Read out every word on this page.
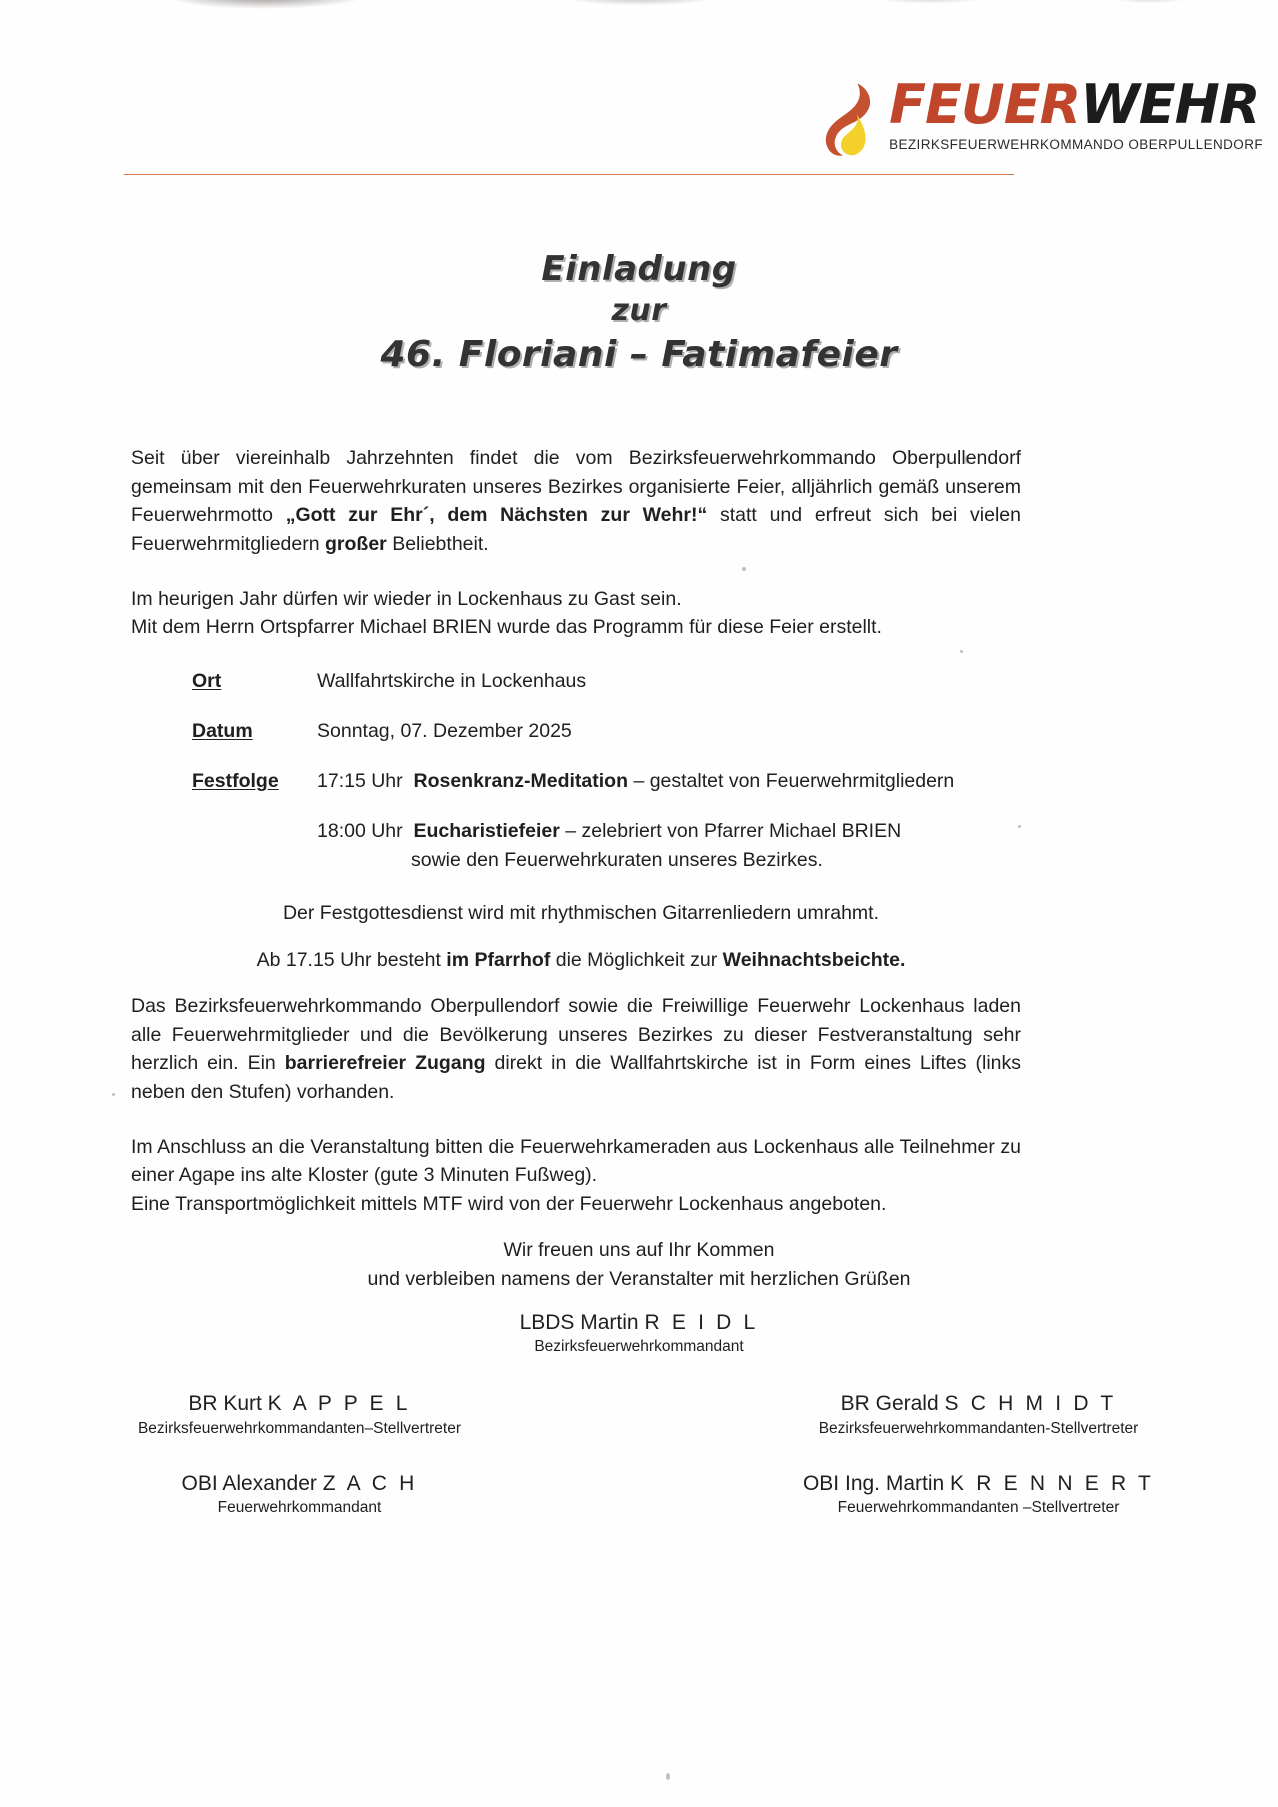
FEUERWEHR
BEZIRKSFEUERWEHRKOMMANDO OBERPULLENDORF
Einladung
zur
46. Floriani – Fatimafeier

Seit über viereinhalb Jahrzehnten findet die vom Bezirksfeuerwehrkommando Oberpullendorf gemeinsam mit den Feuerwehrkuraten unseres Bezirkes organisierte Feier, alljährlich gemäß unserem Feuerwehrmotto „Gott zur Ehr´, dem Nächsten zur Wehr!“ statt und erfreut sich bei vielen Feuerwehrmitgliedern großer Beliebtheit.

Im heurigen Jahr dürfen wir wieder in Lockenhaus zu Gast sein.
Mit dem Herrn Ortspfarrer Michael BRIEN wurde das Programm für diese Feier erstellt.

Ort	Wallfahrtskirche in Lockenhaus
Datum	Sonntag, 07. Dezember 2025
Festfolge	17:15 Uhr Rosenkranz-Meditation – gestaltet von Feuerwehrmitgliedern
18:00 Uhr Eucharistiefeier – zelebriert von Pfarrer Michael BRIEN
sowie den Feuerwehrkuraten unseres Bezirkes.
Der Festgottesdienst wird mit rhythmischen Gitarrenliedern umrahmt.
Ab 17.15 Uhr besteht im Pfarrhof die Möglichkeit zur Weihnachtsbeichte.

Das Bezirksfeuerwehrkommando Oberpullendorf sowie die Freiwillige Feuerwehr Lockenhaus laden alle Feuerwehrmitglieder und die Bevölkerung unseres Bezirkes zu dieser Festveranstaltung sehr herzlich ein. Ein barrierefreier Zugang direkt in die Wallfahrtskirche ist in Form eines Liftes (links neben den Stufen) vorhanden.

Im Anschluss an die Veranstaltung bitten die Feuerwehrkameraden aus Lockenhaus alle Teilnehmer zu einer Agape ins alte Kloster (gute 3 Minuten Fußweg).
Eine Transportmöglichkeit mittels MTF wird von der Feuerwehr Lockenhaus angeboten.

Wir freuen uns auf Ihr Kommen
und verbleiben namens der Veranstalter mit herzlichen Grüßen
LBDS Martin R E I D L
Bezirksfeuerwehrkommandant
BR Kurt K A P P E L
Bezirksfeuerwehrkommandanten–Stellvertreter
BR Gerald S C H M I D T
Bezirksfeuerwehrkommandanten-Stellvertreter
OBI Alexander Z A C H
Feuerwehrkommandant
OBI Ing. Martin K R E N N E R T
Feuerwehrkommandanten –Stellvertreter
